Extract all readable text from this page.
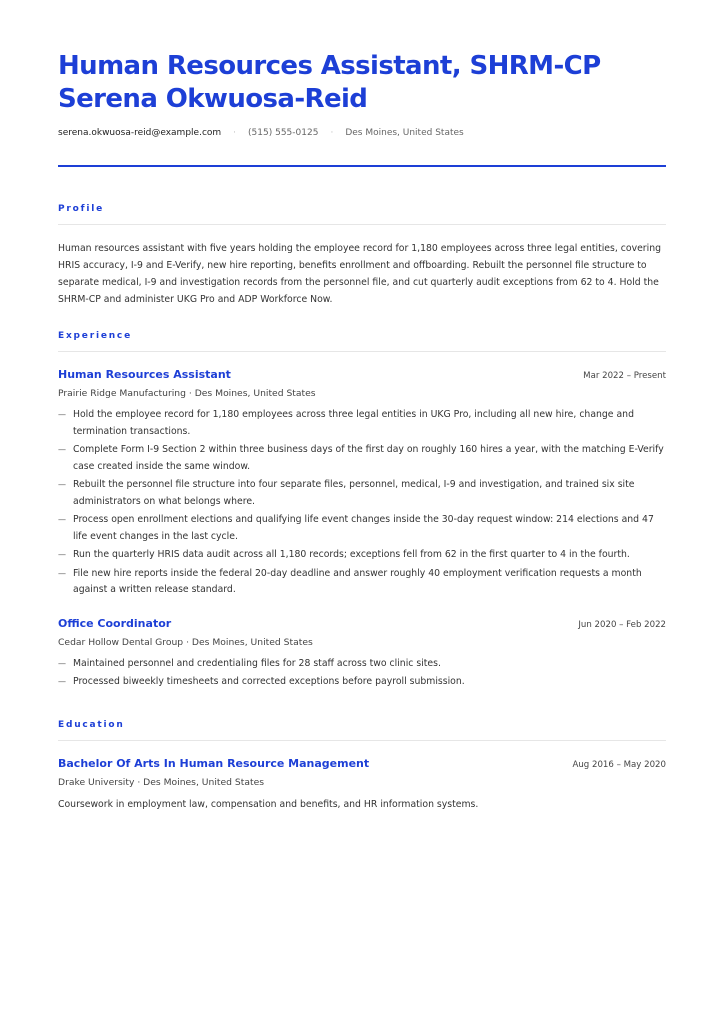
Human Resources Assistant, SHRM-CP
Serena Okwuosa-Reid
serena.okwuosa-reid@example.com · (515) 555-0125 · Des Moines, United States
Profile

Human resources assistant with five years holding the employee record for 1,180 employees across three legal entities, covering HRIS accuracy, I-9 and E-Verify, new hire reporting, benefits enrollment and offboarding. Rebuilt the personnel file structure to separate medical, I-9 and investigation records from the personnel file, and cut quarterly audit exceptions from 62 to 4. Hold the SHRM-CP and administer UKG Pro and ADP Workforce Now.

Experience
Human Resources Assistant	Mar 2022 – Present
Prairie Ridge Manufacturing · Des Moines, United States
— Hold the employee record for 1,180 employees across three legal entities in UKG Pro, including all new hire, change and termination transactions.
— Complete Form I-9 Section 2 within three business days of the first day on roughly 160 hires a year, with the matching E-Verify case created inside the same window.
— Rebuilt the personnel file structure into four separate files, personnel, medical, I-9 and investigation, and trained six site administrators on what belongs where.
— Process open enrollment elections and qualifying life event changes inside the 30-day request window: 214 elections and 47 life event changes in the last cycle.
— Run the quarterly HRIS data audit across all 1,180 records; exceptions fell from 62 in the first quarter to 4 in the fourth.
— File new hire reports inside the federal 20-day deadline and answer roughly 40 employment verification requests a month against a written release standard.
Office Coordinator	Jun 2020 – Feb 2022
Cedar Hollow Dental Group · Des Moines, United States
— Maintained personnel and credentialing files for 28 staff across two clinic sites.
— Processed biweekly timesheets and corrected exceptions before payroll submission.
Education
Bachelor Of Arts In Human Resource Management	Aug 2016 – May 2020
Drake University · Des Moines, United States
Coursework in employment law, compensation and benefits, and HR information systems.
